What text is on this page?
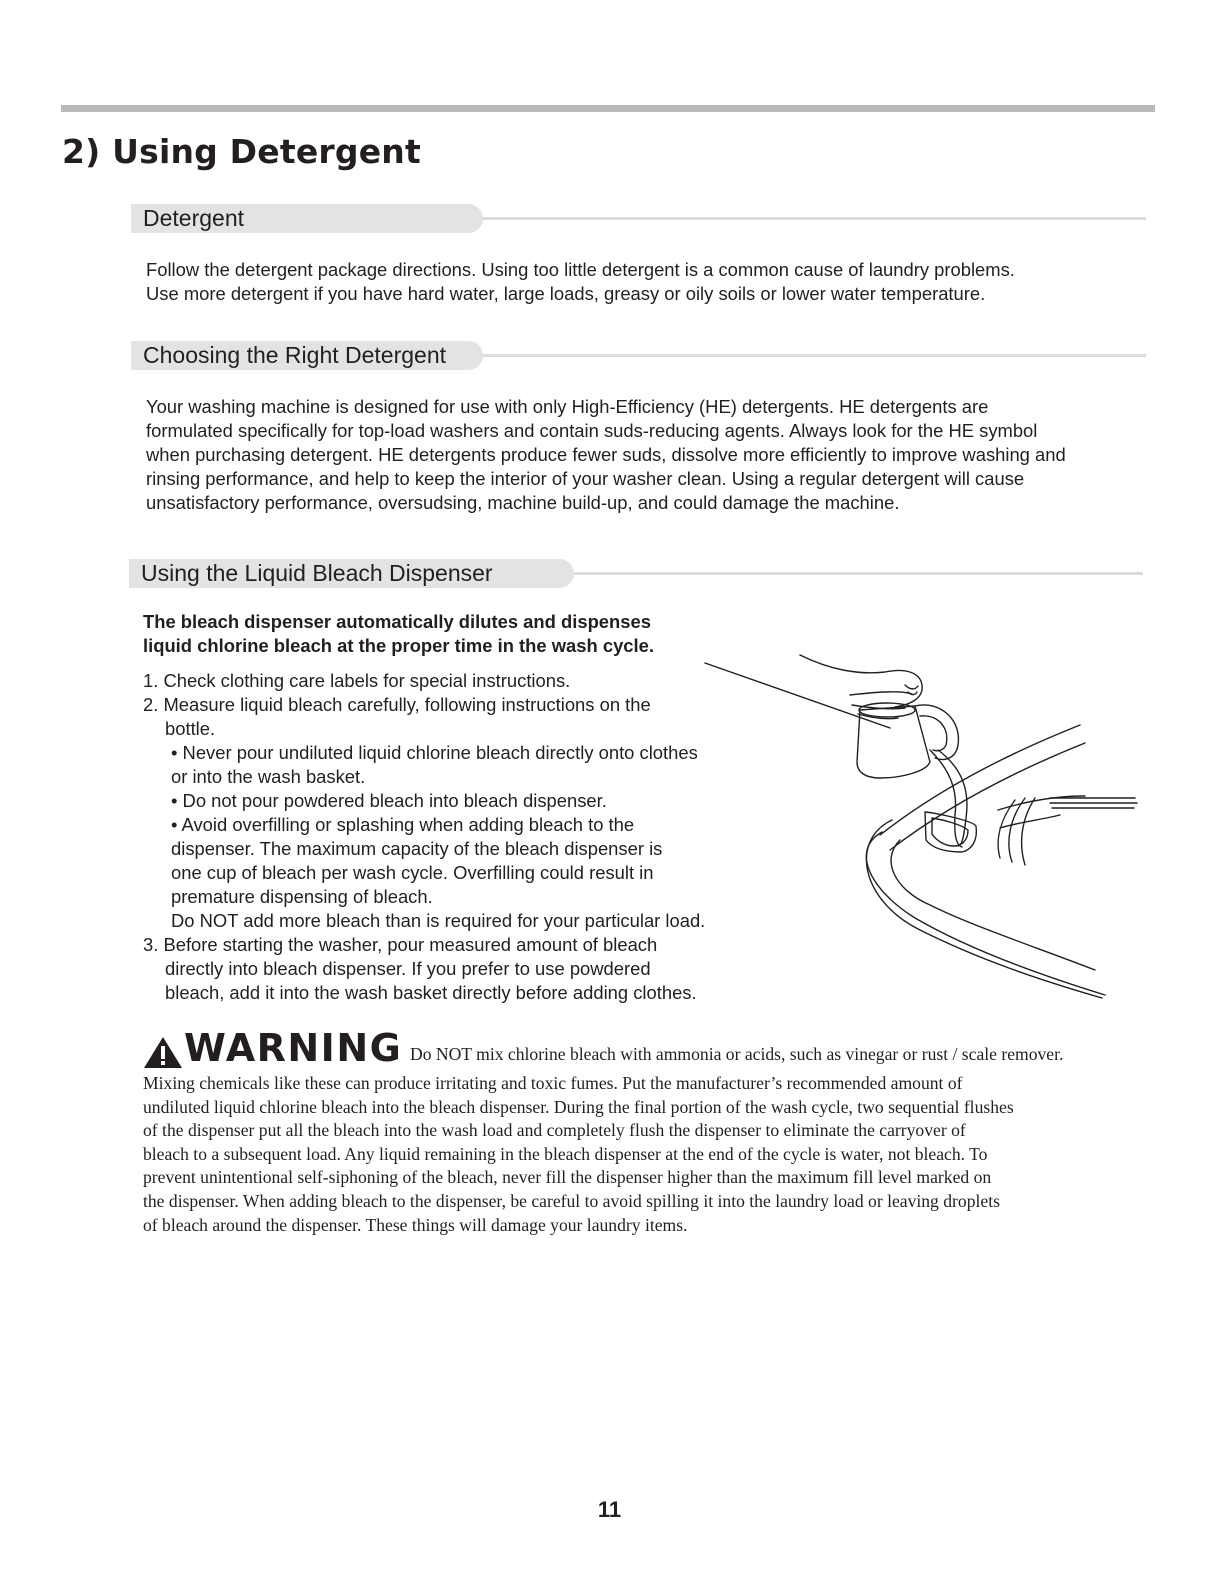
2) Using Detergent
Detergent

Follow the detergent package directions. Using too little detergent is a common cause of laundry problems.
Use more detergent if you have hard water, large loads, greasy or oily soils or lower water temperature.

Choosing the Right Detergent

Your washing machine is designed for use with only High-Efficiency (HE) detergents. HE detergents are
formulated specifically for top-load washers and contain suds-reducing agents. Always look for the HE symbol
when purchasing detergent. HE detergents produce fewer suds, dissolve more efficiently to improve washing and
rinsing performance, and help to keep the interior of your washer clean. Using a regular detergent will cause
unsatisfactory performance, oversudsing, machine build-up, and could damage the machine.

Using the Liquid Bleach Dispenser

The bleach dispenser automatically dilutes and dispenses
liquid chlorine bleach at the proper time in the wash cycle.

1. Check clothing care labels for special instructions.
2. Measure liquid bleach carefully, following instructions on the
bottle.
• Never pour undiluted liquid chlorine bleach directly onto clothes
or into the wash basket.
• Do not pour powdered bleach into bleach dispenser.
• Avoid overfilling or splashing when adding bleach to the
dispenser. The maximum capacity of the bleach dispenser is
one cup of bleach per wash cycle. Overfilling could result in
premature dispensing of bleach.
Do NOT add more bleach than is required for your particular load.
3. Before starting the washer, pour measured amount of bleach
directly into bleach dispenser. If you prefer to use powdered
bleach, add it into the wash basket directly before adding clothes.
WARNING Do NOT mix chlorine bleach with ammonia or acids, such as vinegar or rust / scale remover.
Mixing chemicals like these can produce irritating and toxic fumes. Put the manufacturer’s recommended amount of
undiluted liquid chlorine bleach into the bleach dispenser. During the final portion of the wash cycle, two sequential flushes
of the dispenser put all the bleach into the wash load and completely flush the dispenser to eliminate the carryover of
bleach to a subsequent load. Any liquid remaining in the bleach dispenser at the end of the cycle is water, not bleach. To
prevent unintentional self-siphoning of the bleach, never fill the dispenser higher than the maximum fill level marked on
the dispenser. When adding bleach to the dispenser, be careful to avoid spilling it into the laundry load or leaving droplets
of bleach around the dispenser. These things will damage your laundry items.
11
